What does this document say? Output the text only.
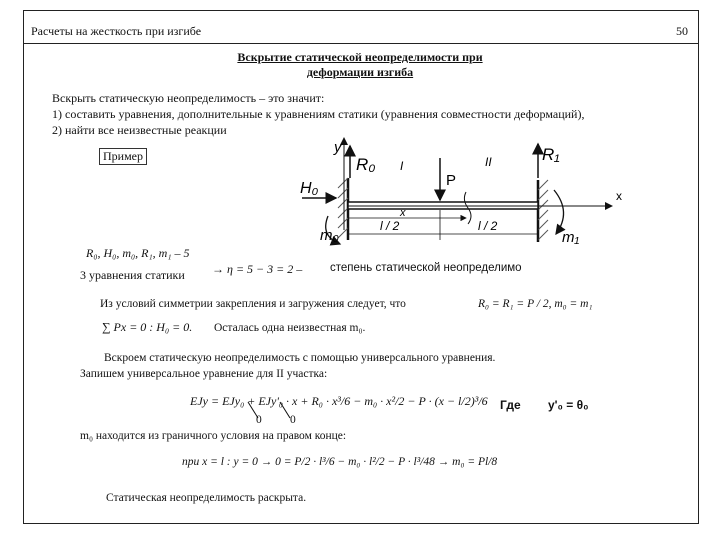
Расчеты на жесткость при изгибе	50
Вскрытие статической неопределимости при
деформации изгиба
Вскрыть статическую неопределимость – это значит:
1) составить уравнения, дополнительные к уравнениям статики (уравнения совместности деформаций),
2) найти все неизвестные реакции
Пример
x
y
R₀
H₀
m₀
P
I	II	R₁
m₁
x
l / 2	l / 2
R₀, H₀, m₀, R₁, m₁ – 5
3 уравнения статики → η = 5 − 3 = 2 – степень статической неопределимо
Из условий симметрии закрепления и загружения следует, что	R₀ = R₁ = P / 2, m₀ = m₁
∑ Px = 0 : H₀ = 0. Осталась одна неизвестная m₀.
Вскроем статическую неопределимость с помощью универсального уравнения.
Запишем универсальное уравнение для II участка:
EJy = EJy₀ + EJy'₀ · x + R₀ · x³/6 − m₀ · x²/2 − P · (x − l/2)³/6
0 0
Где y'₀ = θ₀
m₀ находится из граничного условия на правом конце:
при x = l : y = 0 → 0 = P/2 · l³/6 − m₀ · l²/2 − P · l³/48 → m₀ = Pl/8
Статическая неопределимость раскрыта.
